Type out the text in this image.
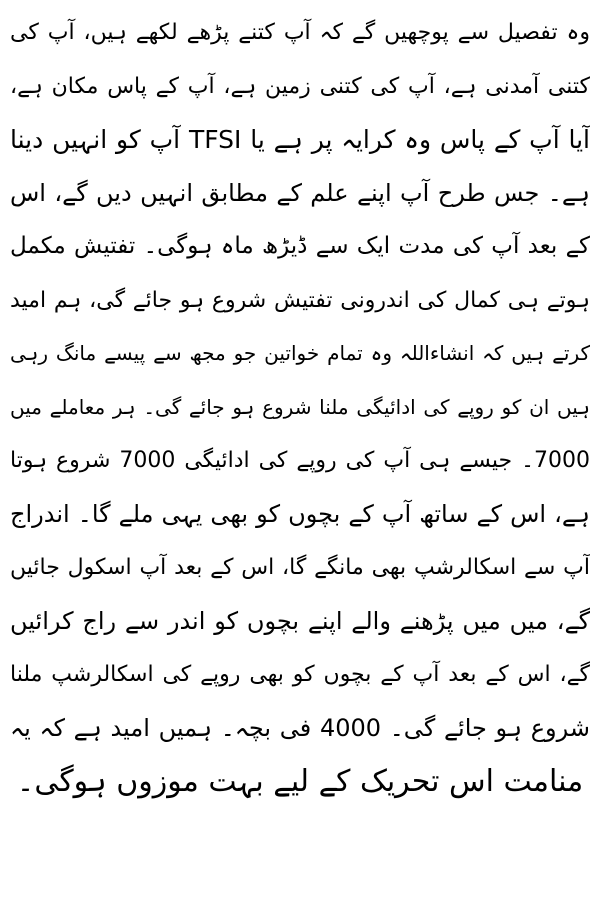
وہ تفصیل سے پوچھیں گے کہ آپ کتنے پڑھے لکھے ہیں، آپ کی
کتنی آمدنی ہے، آپ کی کتنی زمین ہے، آپ کے پاس مکان ہے،
آیا آپ کے پاس وہ کرایہ پر ہے یا TFSI آپ کو انہیں دینا
ہے۔ جس طرح آپ اپنے علم کے مطابق انہیں دیں گے، اس
کے بعد آپ کی مدت ایک سے ڈیڑھ ماہ ہوگی۔ تفتیش مکمل
ہوتے ہی کمال کی اندرونی تفتیش شروع ہو جائے گی، ہم امید
کرتے ہیں کہ انشاءاللہ وہ تمام خواتین جو مجھ سے پیسے مانگ رہی
ہیں ان کو روپے کی ادائیگی ملنا شروع ہو جائے گی۔ ہر معاملے میں
7000۔ جیسے ہی آپ کی روپے کی ادائیگی 7000 شروع ہوتا
ہے، اس کے ساتھ آپ کے بچوں کو بھی یہی ملے گا۔ اندراج
آپ سے اسکالرشپ بھی مانگے گا، اس کے بعد آپ اسکول جائیں
گے، میں میں پڑھنے والے اپنے بچوں کو اندر سے راج کرائیں
گے، اس کے بعد آپ کے بچوں کو بھی روپے کی اسکالرشپ ملنا
شروع ہو جائے گی۔ 4000 فی بچہ۔ ہمیں امید ہے کہ یہ
منامت اس تحریک کے لیے بہت موزوں ہوگی۔
